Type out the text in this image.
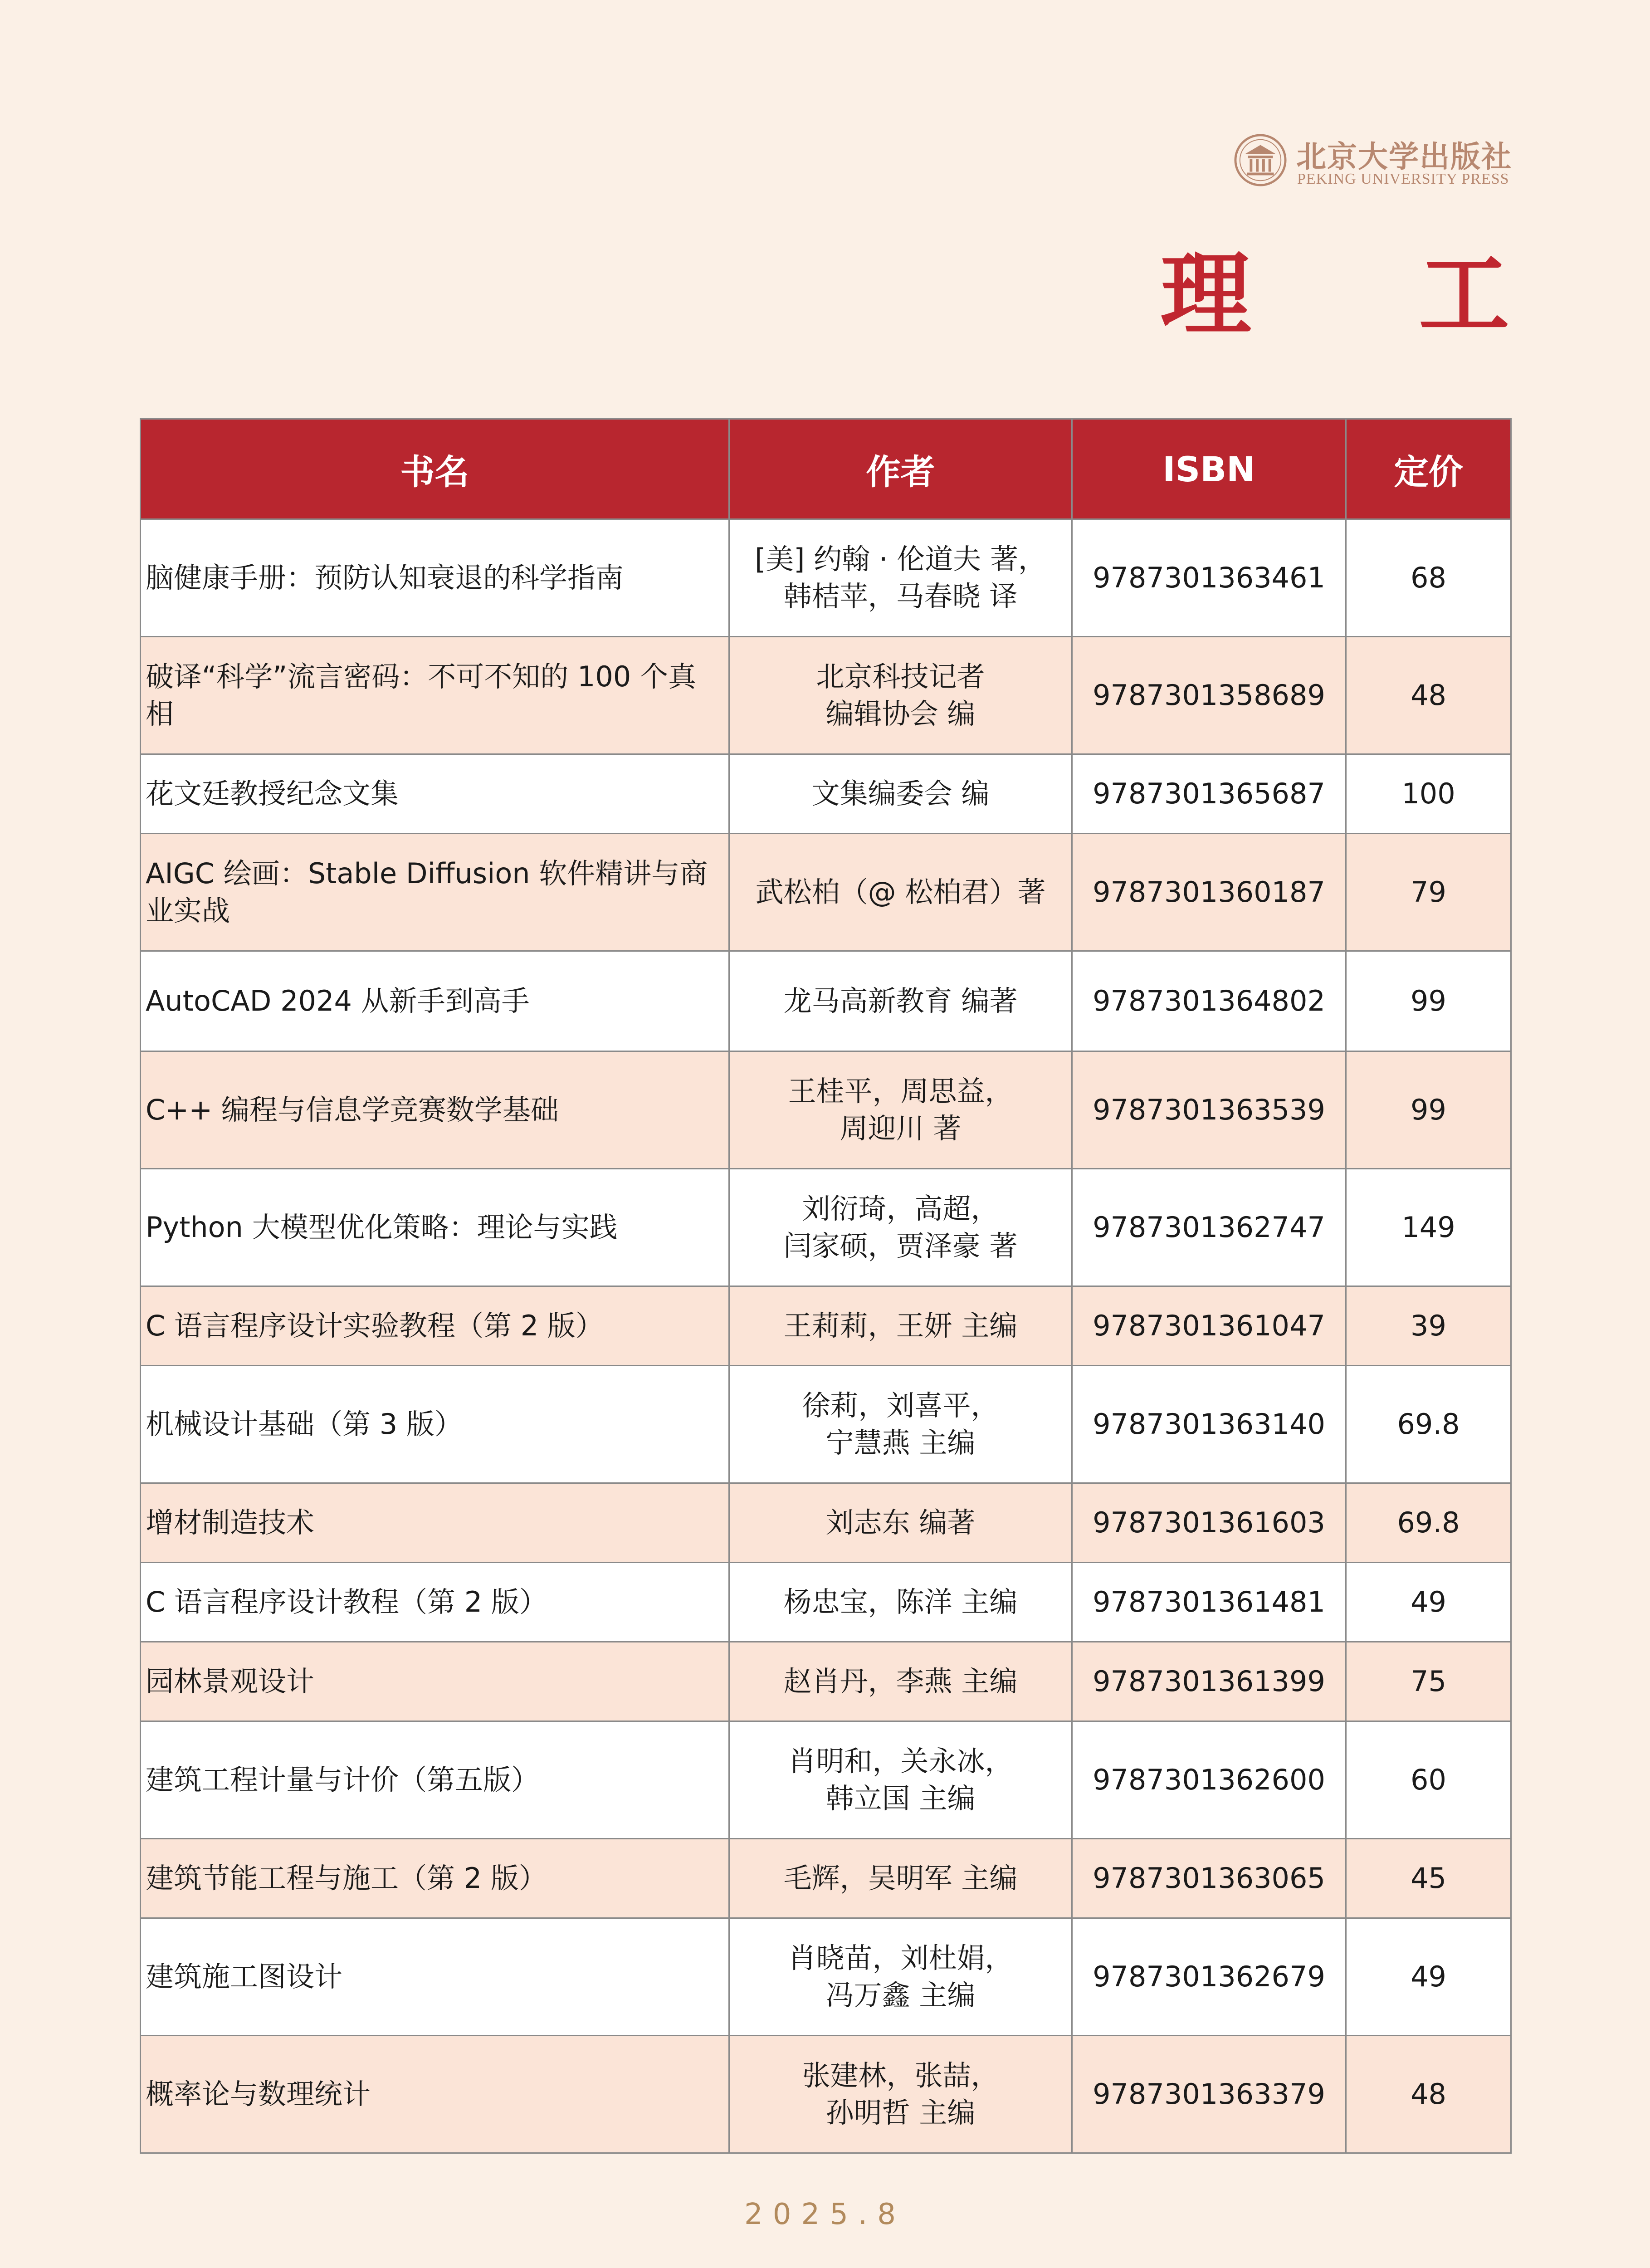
北京大学出版社
PEKING UNIVERSITY PRESS
理 工
书名	作者	ISBN	定价
脑健康手册：预防认知衰退的科学指南	[美] 约翰 · 伦道夫 著，
韩桔苹，马春晓 译	9787301363461	68
破译“科学”流言密码：不可不知的 100 个真相	北京科技记者
编辑协会 编	9787301358689	48
花文廷教授纪念文集	文集编委会 编	9787301365687	100
AIGC 绘画：Stable Diffusion 软件精讲与商业实战	武松柏（@ 松柏君）著	9787301360187	79
AutoCAD 2024 从新手到高手	龙马高新教育 编著	9787301364802	99
C++ 编程与信息学竞赛数学基础	王桂平，周思益，
周迎川 著	9787301363539	99
Python 大模型优化策略：理论与实践	刘衍琦，高超，
闫家硕，贾泽豪 著	9787301362747	149
C 语言程序设计实验教程（第 2 版）	王莉莉，王妍 主编	9787301361047	39
机械设计基础（第 3 版）	徐莉，刘喜平，
宁慧燕 主编	9787301363140	69.8
增材制造技术	刘志东 编著	9787301361603	69.8
C 语言程序设计教程（第 2 版）	杨忠宝，陈洋 主编	9787301361481	49
园林景观设计	赵肖丹，李燕 主编	9787301361399	75
建筑工程计量与计价（第五版）	肖明和，关永冰，
韩立国 主编	9787301362600	60
建筑节能工程与施工（第 2 版）	毛辉，吴明军 主编	9787301363065	45
建筑施工图设计	肖晓苗，刘杜娟，
冯万鑫 主编	9787301362679	49
概率论与数理统计	张建林，张喆，
孙明哲 主编	9787301363379	48
2025.8
